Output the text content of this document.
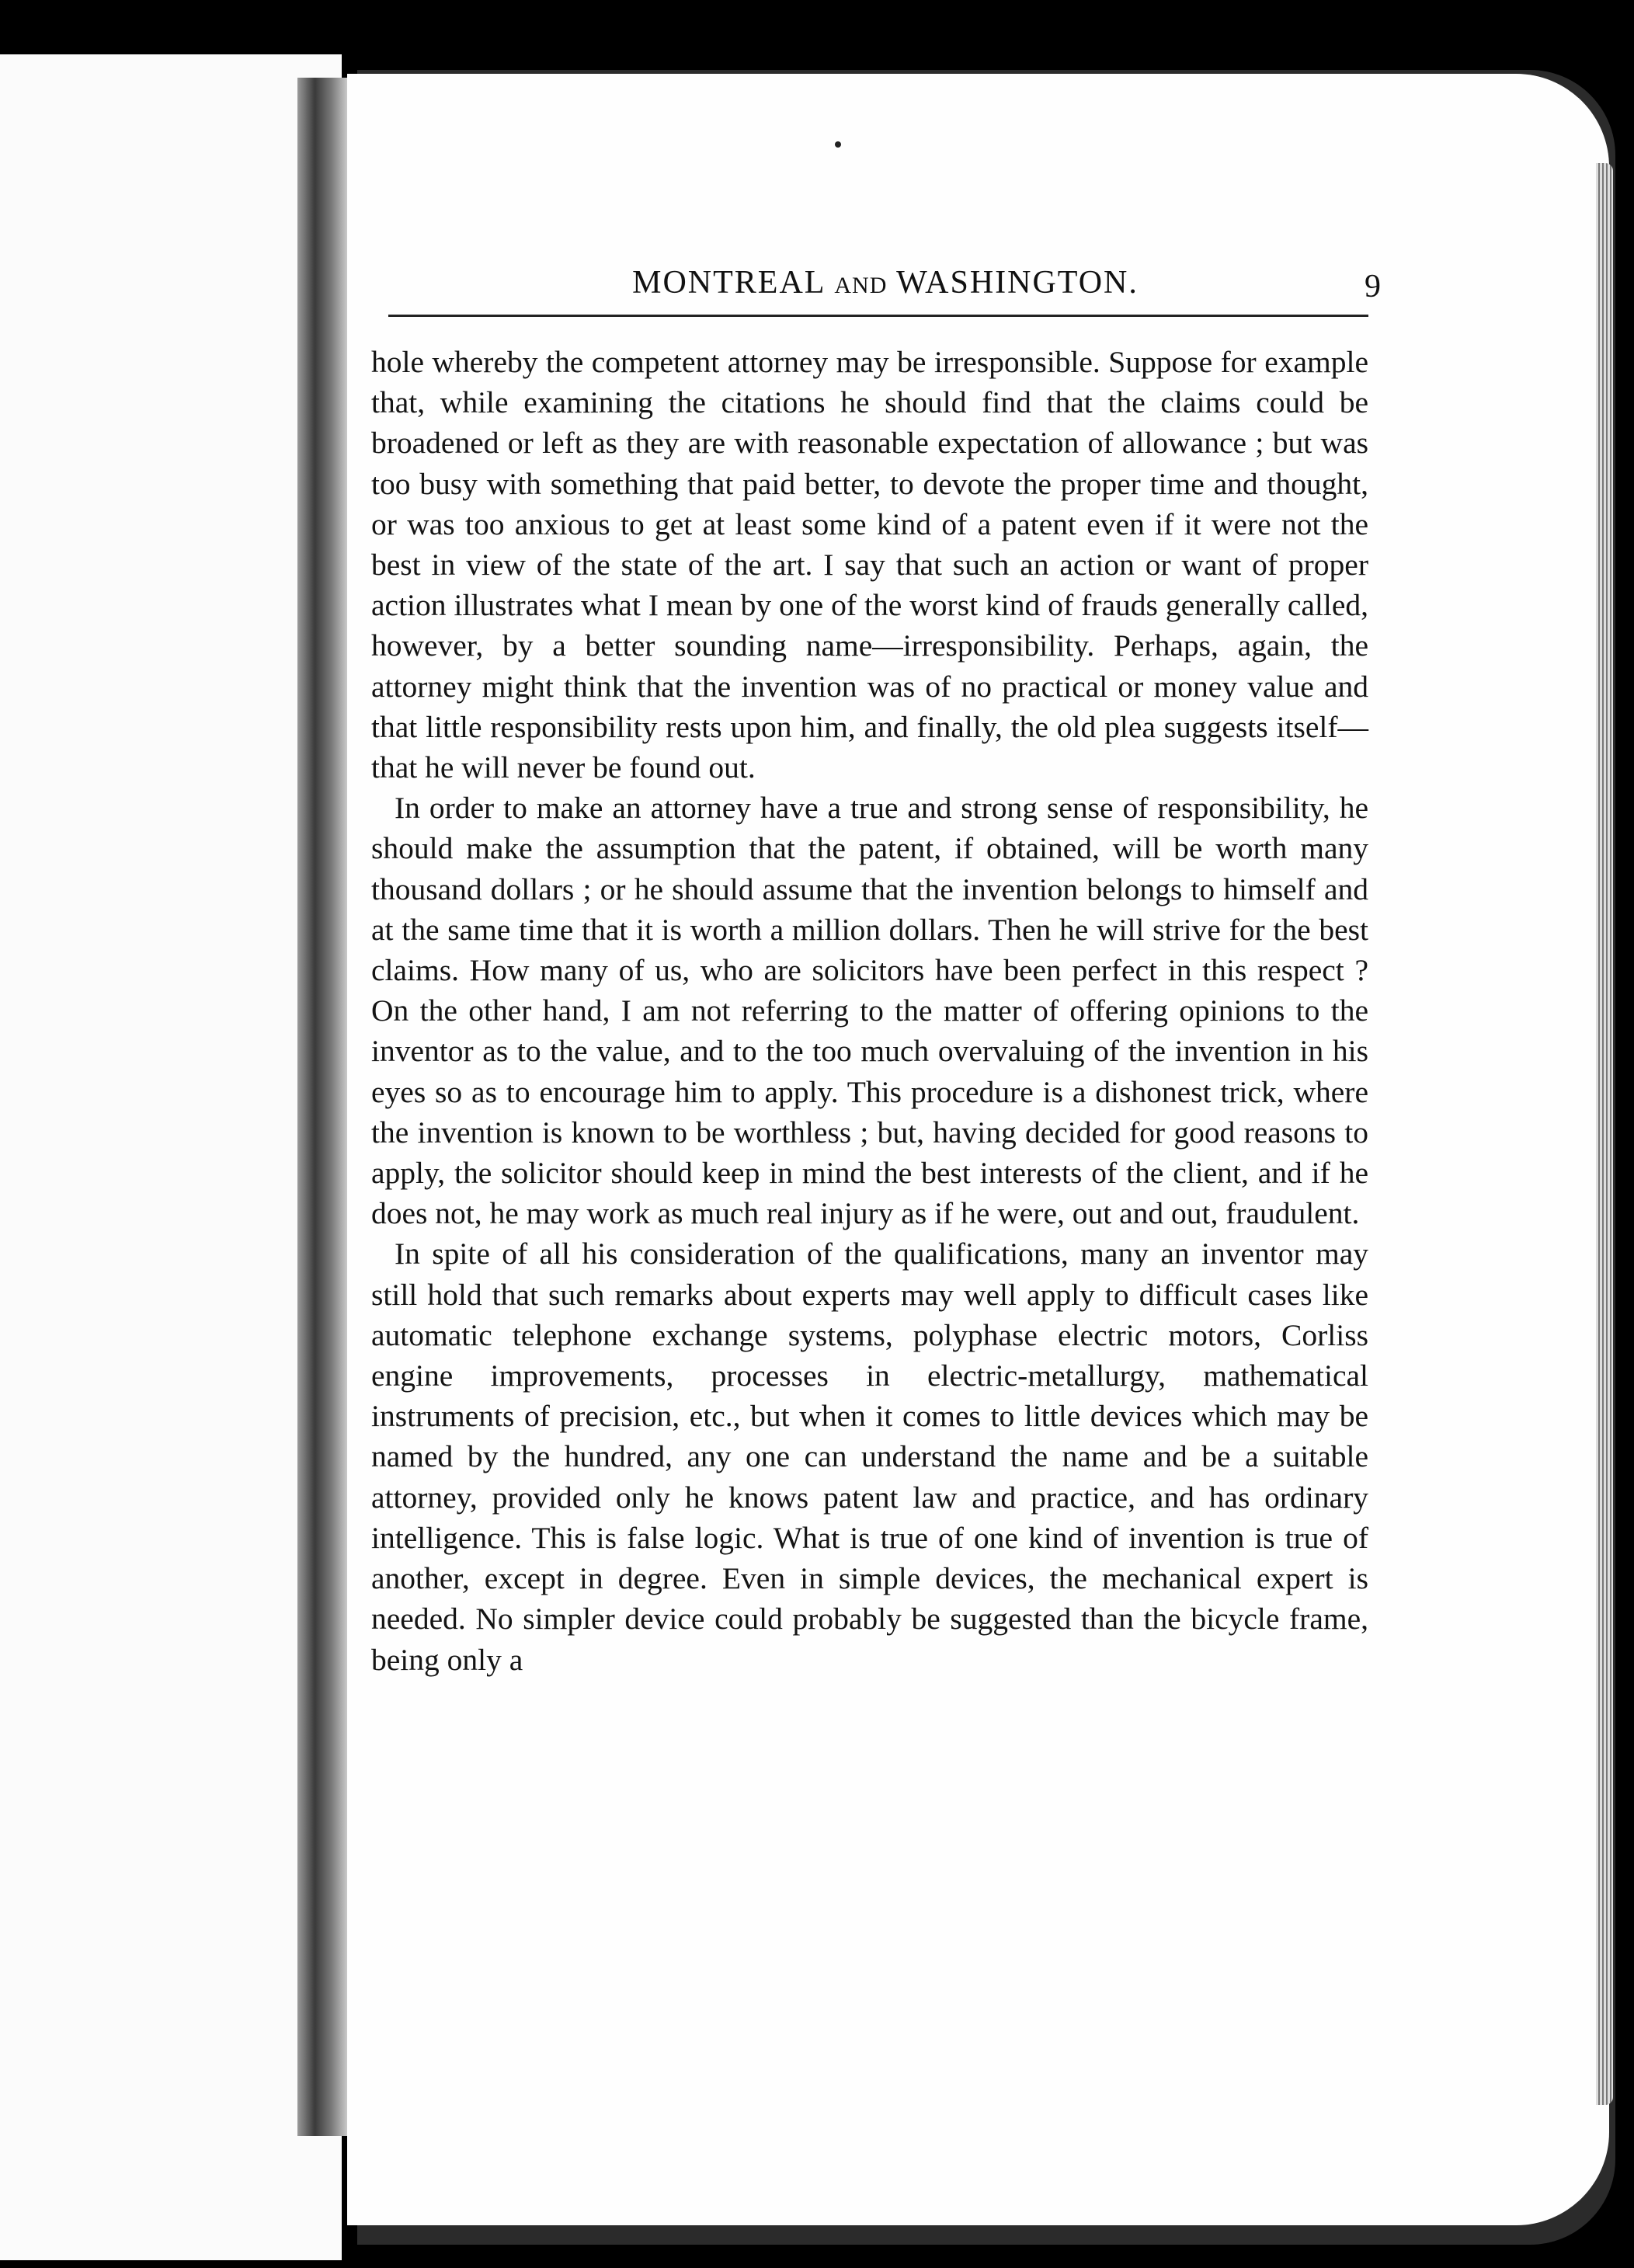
MONTREAL AND WASHINGTON.	9

hole whereby the competent attorney may be irresponsible. Suppose for example that, while examining the citations he should find that the claims could be broadened or left as they are with reasonable expectation of allowance ; but was too busy with something that paid better, to devote the proper time and thought, or was too anxious to get at least some kind of a patent even if it were not the best in view of the state of the art. I say that such an action or want of proper action illustrates what I mean by one of the worst kind of frauds generally called, however, by a better sounding name—irresponsibility. Perhaps, again, the attorney might think that the invention was of no practical or money value and that little responsibility rests upon him, and finally, the old plea suggests itself—that he will never be found out.

In order to make an attorney have a true and strong sense of responsibility, he should make the assumption that the patent, if obtained, will be worth many thousand dollars ; or he should assume that the invention belongs to himself and at the same time that it is worth a million dollars. Then he will strive for the best claims. How many of us, who are solicitors have been perfect in this respect ? On the other hand, I am not referring to the matter of offering opinions to the inventor as to the value, and to the too much overvaluing of the invention in his eyes so as to encourage him to apply. This procedure is a dishonest trick, where the invention is known to be worthless ; but, having decided for good reasons to apply, the solicitor should keep in mind the best interests of the client, and if he does not, he may work as much real injury as if he were, out and out, fraudulent.

In spite of all his consideration of the qualifications, many an inventor may still hold that such remarks about experts may well apply to difficult cases like automatic telephone exchange systems, polyphase electric motors, Corliss engine improvements, processes in electric-metallurgy, mathematical instruments of precision, etc., but when it comes to little devices which may be named by the hundred, any one can understand the name and be a suitable attorney, provided only he knows patent law and practice, and has ordinary intelligence. This is false logic. What is true of one kind of invention is true of another, except in degree. Even in simple devices, the mechanical expert is needed. No simpler device could probably be suggested than the bicycle frame, being only a
